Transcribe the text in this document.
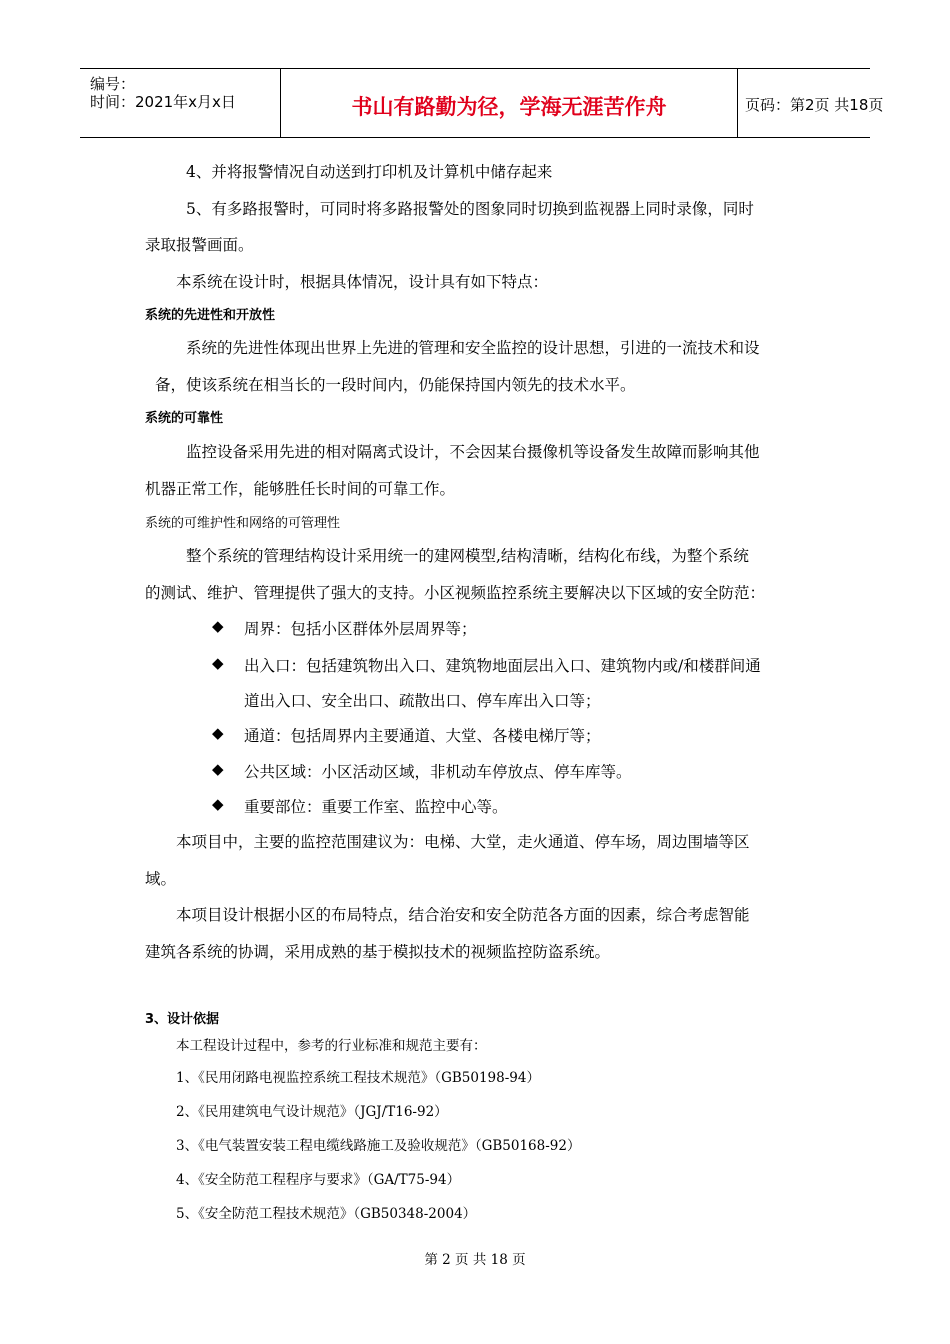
编号：
时间：2021年x月x日	书山有路勤为径，学海无涯苦作舟	页码：第2页 共18页
4、并将报警情况自动送到打印机及计算机中储存起来
5、有多路报警时，可同时将多路报警处的图象同时切换到监视器上同时录像，同时
录取报警画面。
本系统在设计时，根据具体情况，设计具有如下特点：
系统的先进性和开放性
系统的先进性体现出世界上先进的管理和安全监控的设计思想，引进的一流技术和设
备，使该系统在相当长的一段时间内，仍能保持国内领先的技术水平。
系统的可靠性
监控设备采用先进的相对隔离式设计，不会因某台摄像机等设备发生故障而影响其他
机器正常工作，能够胜任长时间的可靠工作。
系统的可维护性和网络的可管理性
整个系统的管理结构设计采用统一的建网模型,结构清晰，结构化布线，为整个系统
的测试、维护、管理提供了强大的支持。小区视频监控系统主要解决以下区域的安全防范：
◆ 周界：包括小区群体外层周界等；
◆ 出入口：包括建筑物出入口、建筑物地面层出入口、建筑物内或/和楼群间通
道出入口、安全出口、疏散出口、停车库出入口等；
◆ 通道：包括周界内主要通道、大堂、各楼电梯厅等；
◆ 公共区域：小区活动区域，非机动车停放点、停车库等。
◆ 重要部位：重要工作室、监控中心等。
本项目中，主要的监控范围建议为：电梯、大堂，走火通道、停车场，周边围墙等区
域。
本项目设计根据小区的布局特点，结合治安和安全防范各方面的因素，综合考虑智能
建筑各系统的协调，采用成熟的基于模拟技术的视频监控防盗系统。
3、设计依据
本工程设计过程中，参考的行业标准和规范主要有：
1、《民用闭路电视监控系统工程技术规范》（GB50198-94）
2、《民用建筑电气设计规范》（JGJ/T16-92）
3、《电气装置安装工程电缆线路施工及验收规范》（GB50168-92）
4、《安全防范工程程序与要求》（GA/T75-94）
5、《安全防范工程技术规范》（GB50348-2004）
第 2 页 共 18 页
